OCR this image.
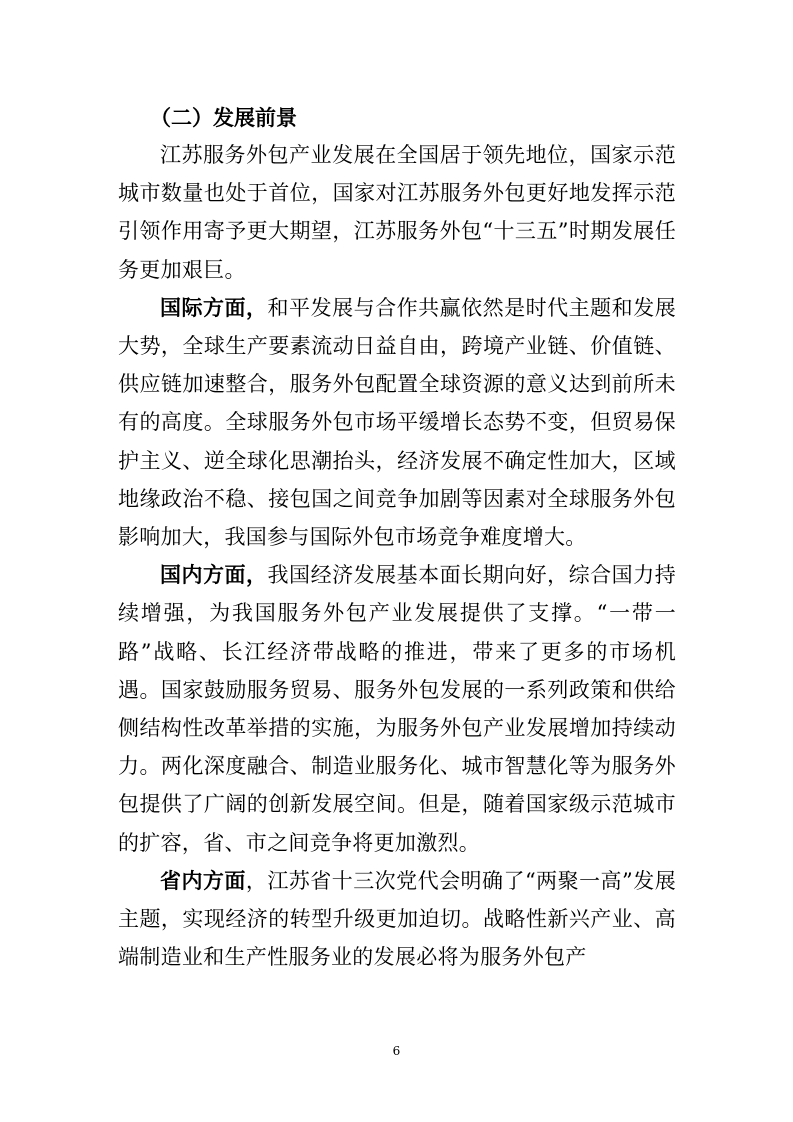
（二）发展前景

江苏服务外包产业发展在全国居于领先地位，国家示范城市数量也处于首位，国家对江苏服务外包更好地发挥示范引领作用寄予更大期望，江苏服务外包“十三五”时期发展任务更加艰巨。

国际方面，和平发展与合作共赢依然是时代主题和发展大势，全球生产要素流动日益自由，跨境产业链、价值链、供应链加速整合，服务外包配置全球资源的意义达到前所未有的高度。全球服务外包市场平缓增长态势不变，但贸易保护主义、逆全球化思潮抬头，经济发展不确定性加大，区域地缘政治不稳、接包国之间竞争加剧等因素对全球服务外包影响加大，我国参与国际外包市场竞争难度增大。

国内方面，我国经济发展基本面长期向好，综合国力持续增强，为我国服务外包产业发展提供了支撑。“一带一路”战略、长江经济带战略的推进，带来了更多的市场机遇。国家鼓励服务贸易、服务外包发展的一系列政策和供给侧结构性改革举措的实施，为服务外包产业发展增加持续动力。两化深度融合、制造业服务化、城市智慧化等为服务外包提供了广阔的创新发展空间。但是，随着国家级示范城市的扩容，省、市之间竞争将更加激烈。

省内方面，江苏省十三次党代会明确了“两聚一高”发展主题，实现经济的转型升级更加迫切。战略性新兴产业、高端制造业和生产性服务业的发展必将为服务外包产

6
